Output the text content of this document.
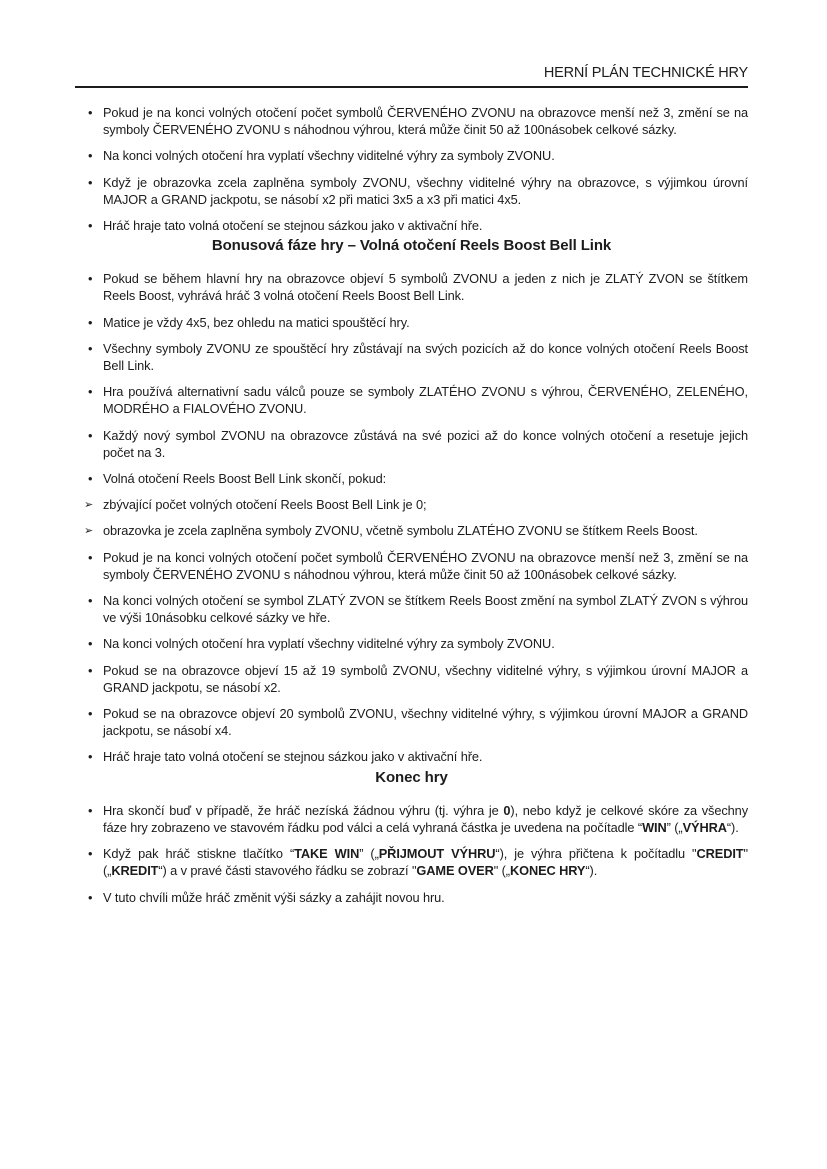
HERNÍ PLÁN TECHNICKÉ HRY
• Pokud je na konci volných otočení počet symbolů ČERVENÉHO ZVONU na obrazovce menší než 3, změní se na symboly ČERVENÉHO ZVONU s náhodnou výhrou, která může činit 50 až 100násobek celkové sázky.
• Na konci volných otočení hra vyplatí všechny viditelné výhry za symboly ZVONU.
• Když je obrazovka zcela zaplněna symboly ZVONU, všechny viditelné výhry na obrazovce, s výjimkou úrovní MAJOR a GRAND jackpotu, se násobí x2 při matici 3x5 a x3 při matici 4x5.
• Hráč hraje tato volná otočení se stejnou sázkou jako v aktivační hře.
Bonusová fáze hry – Volná otočení Reels Boost Bell Link
• Pokud se během hlavní hry na obrazovce objeví 5 symbolů ZVONU a jeden z nich je ZLATÝ ZVON se štítkem Reels Boost, vyhrává hráč 3 volná otočení Reels Boost Bell Link.
• Matice je vždy 4x5, bez ohledu na matici spouštěcí hry.
• Všechny symboly ZVONU ze spouštěcí hry zůstávají na svých pozicích až do konce volných otočení Reels Boost Bell Link.
• Hra používá alternativní sadu válců pouze se symboly ZLATÉHO ZVONU s výhrou, ČERVENÉHO, ZELENÉHO, MODRÉHO a FIALOVÉHO ZVONU.
• Každý nový symbol ZVONU na obrazovce zůstává na své pozici až do konce volných otočení a resetuje jejich počet na 3.
• Volná otočení Reels Boost Bell Link skončí, pokud:
➢ zbývající počet volných otočení Reels Boost Bell Link je 0;
➢ obrazovka je zcela zaplněna symboly ZVONU, včetně symbolu ZLATÉHO ZVONU se štítkem Reels Boost.
• Pokud je na konci volných otočení počet symbolů ČERVENÉHO ZVONU na obrazovce menší než 3, změní se na symboly ČERVENÉHO ZVONU s náhodnou výhrou, která může činit 50 až 100násobek celkové sázky.
• Na konci volných otočení se symbol ZLATÝ ZVON se štítkem Reels Boost změní na symbol ZLATÝ ZVON s výhrou ve výši 10násobku celkové sázky ve hře.
• Na konci volných otočení hra vyplatí všechny viditelné výhry za symboly ZVONU.
• Pokud se na obrazovce objeví 15 až 19 symbolů ZVONU, všechny viditelné výhry, s výjimkou úrovní MAJOR a GRAND jackpotu, se násobí x2.
• Pokud se na obrazovce objeví 20 symbolů ZVONU, všechny viditelné výhry, s výjimkou úrovní MAJOR a GRAND jackpotu, se násobí x4.
• Hráč hraje tato volná otočení se stejnou sázkou jako v aktivační hře.
Konec hry
• Hra skončí buď v případě, že hráč nezíská žádnou výhru (tj. výhra je 0), nebo když je celkové skóre za všechny fáze hry zobrazeno ve stavovém řádku pod válci a celá vyhraná částka je uvedena na počítadle “WIN” („VÝHRA“).
• Když pak hráč stiskne tlačítko “TAKE WIN” („PŘIJMOUT VÝHRU“), je výhra přičtena k počítadlu "CREDIT" („KREDIT“) a v pravé části stavového řádku se zobrazí "GAME OVER" („KONEC HRY“).
• V tuto chvíli může hráč změnit výši sázky a zahájit novou hru.
